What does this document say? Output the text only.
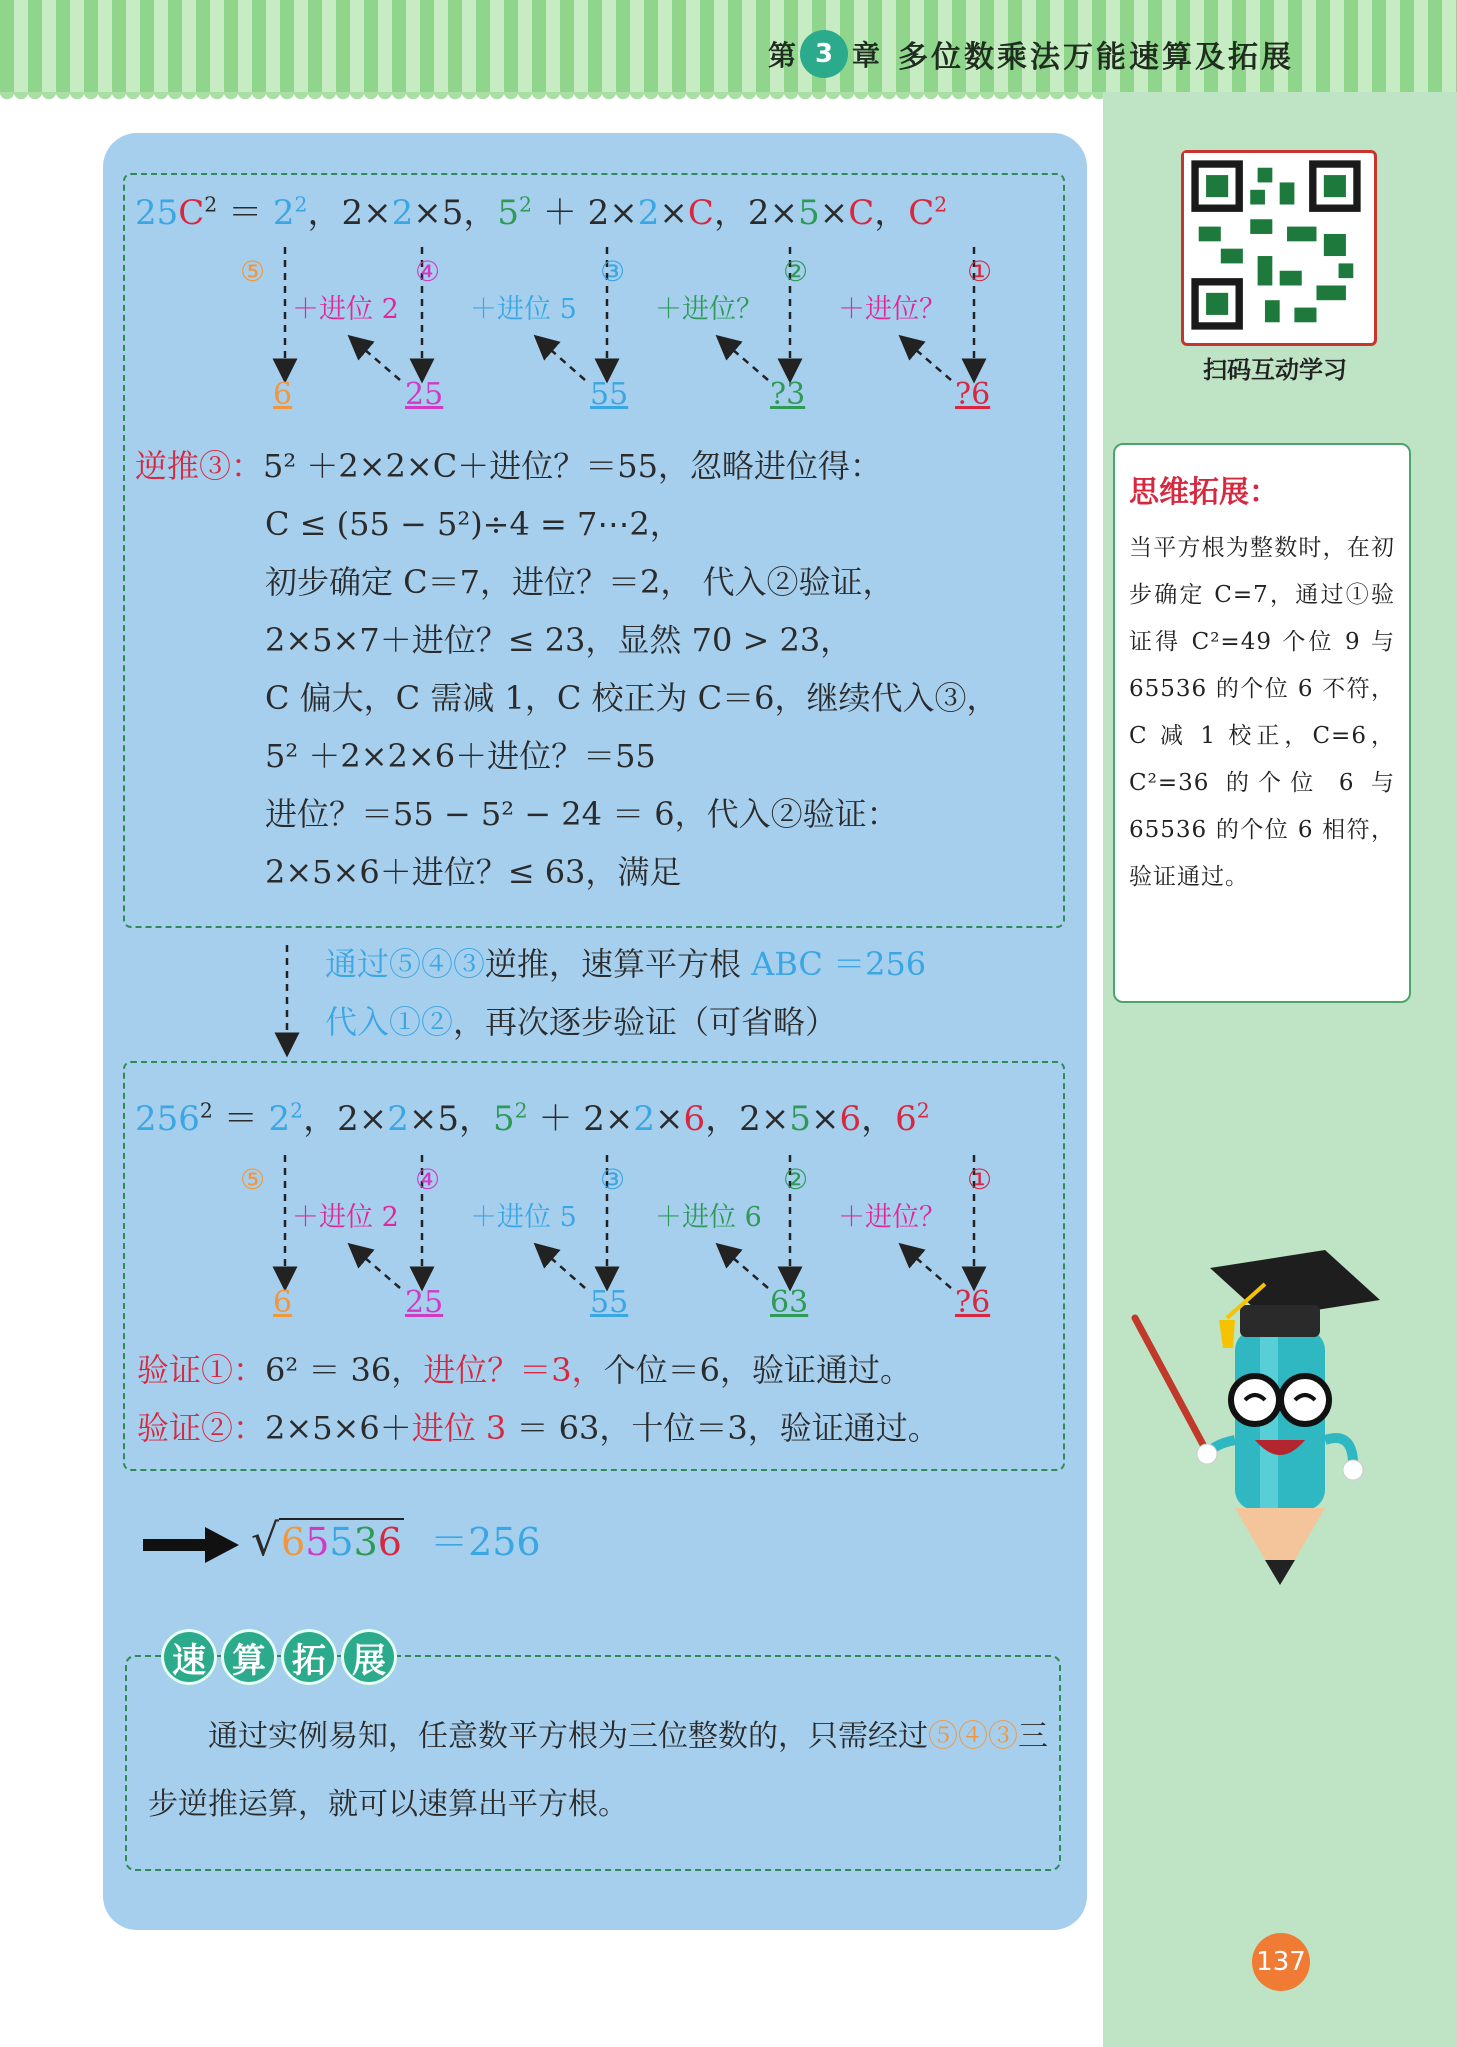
第 3 章 多位数乘法万能速算及拓展
扫码互动学习
思维拓展：

当平方根为整数时，在初步确定 C=7，通过①验证得 C²=49 个位 9 与 65536 的个位 6 不符，C 减 1 校正，C=6，C²=36 的个位 6 与 65536 的个位 6 相符，验证通过。

$25C^2 = 2^2$，2×2×5，$5^2 + 2\times 2\times C$，2×5×C，$C^2$
⑤	④	③	②	①
＋进位 2	＋进位 5	＋进位？	＋进位？
6	25	55	?3	?6
逆推③：5² ＋2×2×C＋进位？＝55，忽略进位得：
C ≤ (55 − 5²)÷4 = 7⋯2，
初步确定 C＝7，进位？＝2， 代入②验证，
2×5×7＋进位？≤ 23，显然 70 > 23，
C 偏大，C 需减 1，C 校正为 C＝6，继续代入③，
5² ＋2×2×6＋进位？＝55
进位？＝55 − 5² − 24 ＝ 6，代入②验证：
2×5×6＋进位？≤ 63，满足
通过⑤④③逆推，速算平方根 ABC ＝256
代入①②，再次逐步验证（可省略）
$256^2 = 2^2$，2×2×5，$5^2 + 2\times 2\times 6$，2×5×6，$6^2$
⑤	④	③	②	①
＋进位 2	＋进位 5	＋进位 6	＋进位？
6	25	55	63	?6
验证①：6² ＝ 36，进位？＝3，个位＝6，验证通过。
验证②：2×5×6＋进位 3 ＝ 63，十位＝3，验证通过。
√65536 ＝256
速 算 拓 展
通过实例易知，任意数平方根为三位整数的，只需经过⑤④③三步逆推运算，就可以速算出平方根。
137
